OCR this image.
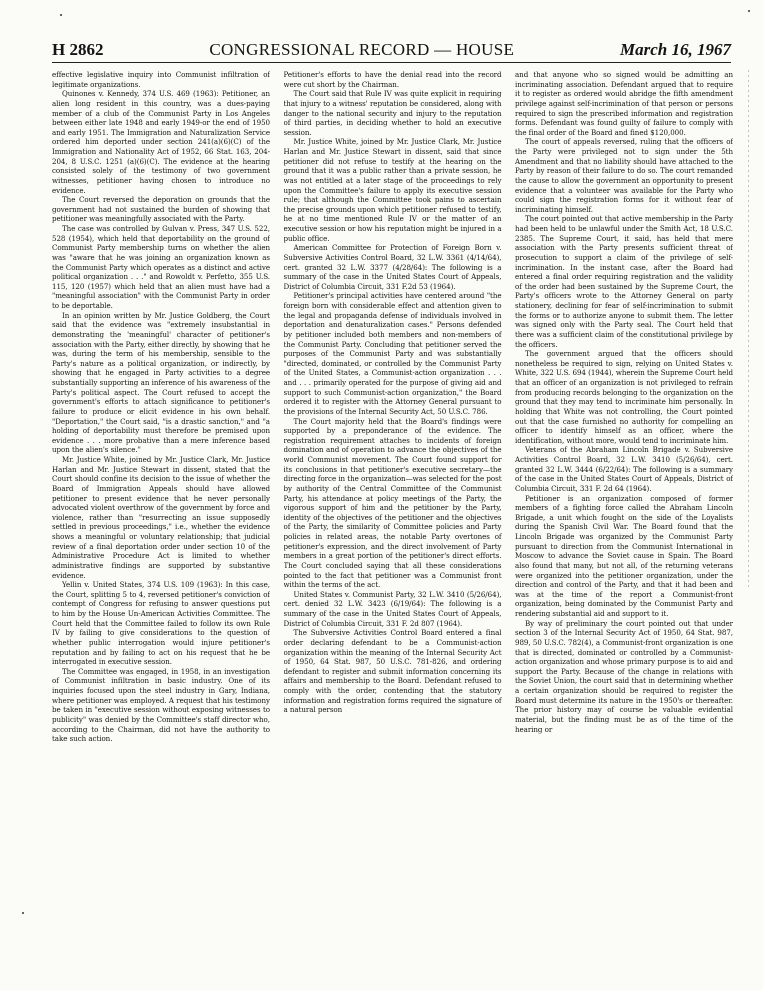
H 2862	CONGRESSIONAL RECORD — HOUSE	March 16, 1967

effective legislative inquiry into Communist infiltration of legitimate organizations.

Quinones v. Kennedy, 374 U.S. 469 (1963): Petitioner, an alien long resident in this country, was a dues-paying member of a club of the Communist Party in Los Angeles between either late 1948 and early 1949-or the end of 1950 and early 1951. The Immigration and Naturalization Service ordered him deported under section 241(a)(6)(C) of the Immigration and Nationality Act of 1952, 66 Stat. 163, 204-204, 8 U.S.C. 1251 (a)(6)(C). The evidence at the hearing consisted solely of the testimony of two government witnesses, petitioner having chosen to introduce no evidence.

The Court reversed the deporation on grounds that the government had not sustained the burden of showing that petitioner was meaningfully associated with the Party.

The case was controlled by Gulvan v. Press, 347 U.S. 522, 528 (1954), which held that deportability on the ground of Communist Party membership turns on whether the alien was "aware that he was joining an organization known as the Communist Party which operates as a distinct and active political organization . . ." and Rowoldt v. Perfetto, 355 U.S. 115, 120 (1957) which held that an alien must have had a "meaningful association" with the Communist Party in order to be deportable.

In an opinion written by Mr. Justice Goldberg, the Court said that the evidence was "extremely insubstantial in demonstrating the 'meaningful' character of petitioner's association with the Party, either directly, by showing that he was, during the term of his membership, sensible to the Party's nature as a political organization, or indirectly, by showing that he engaged in Party activities to a degree substantially supporting an inference of his awareness of the Party's political aspect. The Court refused to accept the government's efforts to attach significance to petitioner's failure to produce or elicit evidence in his own behalf. "Deportation," the Court said, "is a drastic sanction," and "a holding of deportability must therefore be premised upon evidence . . . more probative than a mere inference based upon the alien's silence."

Mr. Justice White, joined by Mr. Justice Clark, Mr. Justice Harlan and Mr. Justice Stewart in dissent, stated that the Court should confine its decision to the issue of whether the Board of Immigration Appeals should have allowed petitioner to present evidence that he never personally advocated violent overthrow of the government by force and violence, rather than "resurrecting an issue supposedly settled in previous proceedings," i.e., whether the evidence shows a meaningful or voluntary relationship; that judicial review of a final deportation order under section 10 of the Administrative Procedure Act is limited to whether administrative findings are supported by substantive evidence.

Yellin v. United States, 374 U.S. 109 (1963): In this case, the Court, splitting 5 to 4, reversed petitioner's conviction of contempt of Congress for refusing to answer questions put to him by the House Un-American Activities Committee. The Court held that the Committee failed to follow its own Rule IV by failing to give considerations to the question of whether public interrogation would injure petitioner's reputation and by failing to act on his request that he be interrogated in executive session.

The Committee was engaged, in 1958, in an investigation of Communist infiltration in basic industry. One of its inquiries focused upon the steel industry in Gary, Indiana, where petitioner was employed. A request that his testimony be taken in "executive session without exposing witnesses to publicity" was denied by the Committee's staff director who, according to the Chairman, did not have the authority to take such action.

Petitioner's efforts to have the denial read into the record were cut short by the Chairman.

The Court said that Rule IV was quite explicit in requiring that injury to a witness' reputation be considered, along with danger to the national security and injury to the reputation of third parties, in deciding whether to hold an executive session.

Mr. Justice White, joined by Mr. Justice Clark, Mr. Justice Harlan and Mr. Justice Stewart in dissent, said that since petitioner did not refuse to testify at the hearing on the ground that it was a public rather than a private session, he was not entitled at a later stage of the proceedings to rely upon the Committee's failure to apply its executive session rule; that although the Committee took pains to ascertain the precise grounds upon which petitioner refused to testify, he at no time mentioned Rule IV or the matter of an executive session or how his reputation might be injured in a public office.

American Committee for Protection of Foreign Born v. Subversive Activities Control Board, 32 L.W. 3361 (4/14/64), cert. granted 32 L.W. 3377 (4/28/64): The following is a summary of the case in the United States Court of Appeals, District of Columbia Circuit, 331 F.2d 53 (1964).

Petitioner's principal activities have centered around "the foreign born with considerable effect and attention given to the legal and propaganda defense of individuals involved in deportation and denaturalization cases." Persons defended by petitioner included both members and non-members of the Communist Party. Concluding that petitioner served the purposes of the Communist Party and was substantially "directed, dominated, or controlled by the Communist Party of the United States, a Communist-action organization . . . and . . . primarily operated for the purpose of giving aid and support to such Communist-action organization," the Board ordered it to register with the Attorney General pursuant to the provisions of the Internal Security Act, 50 U.S.C. 786.

The Court majority held that the Board's findings were supported by a preponderance of the evidence. The registration requirement attaches to incidents of foreign domination and of operation to advance the objectives of the world Communist movement. The Court found support for its conclusions in that petitioner's executive secretary—the directing force in the organization—was selected for the post by authority of the Central Committee of the Communist Party, his attendance at policy meetings of the Party, the vigorous support of him and the petitioner by the Party, identity of the objectives of the petitioner and the objectives of the Party, the similarity of Committee policies and Party policies in related areas, the notable Party overtones of petitioner's expression, and the direct involvement of Party members in a great portion of the petitioner's direct efforts. The Court concluded saying that all these considerations pointed to the fact that petitioner was a Communist front within the terms of the act.

United States v. Communist Party, 32 L.W. 3410 (5/26/64), cert. denied 32 L.W. 3423 (6/19/64): The following is a summary of the case in the United States Court of Appeals, District of Columbia Circuit, 331 F. 2d 807 (1964).

The Subversive Activities Control Board entered a final order declaring defendant to be a Communist-action organization within the meaning of the Internal Security Act of 1950, 64 Stat. 987, 50 U.S.C. 781-826, and ordering defendant to register and submit information concerning its affairs and membership to the Board. Defendant refused to comply with the order, contending that the statutory information and registration forms required the signature of a natural person

and that anyone who so signed would be admitting an incriminating association. Defendant argued that to require it to register as ordered would abridge the fifth amendment privilege against self-incrimination of that person or persons required to sign the prescribed information and registration forms. Defendant was found guilty of failure to comply with the final order of the Board and fined $120,000.

The court of appeals reversed, ruling that the officers of the Party were privileged not to sign under the 5th Amendment and that no liability should have attached to the Party by reason of their failure to do so. The court remanded the cause to allow the government an opportunity to present evidence that a volunteer was available for the Party who could sign the registration forms for it without fear of incriminating himself.

The court pointed out that active membership in the Party had been held to be unlawful under the Smith Act, 18 U.S.C. 2385. The Supreme Court, it said, has held that mere association with the Party presents sufficient threat of prosecution to support a claim of the privilege of self-incrimination. In the instant case, after the Board had entered a final order requiring registration and the validity of the order had been sustained by the Supreme Court, the Party's officers wrote to the Attorney General on party stationery, declining for fear of self-incrimination to submit the forms or to authorize anyone to submit them. The letter was signed only with the Party seal. The Court held that there was a sufficient claim of the constitutional privilege by the officers.

The government argued that the officers should nonetheless be required to sign, relying on United States v. White, 322 U.S. 694 (1944), wherein the Supreme Court held that an officer of an organization is not privileged to refrain from producing records belonging to the organization on the ground that they may tend to incriminate him personally. In holding that White was not controlling, the Court pointed out that the case furnished no authority for compelling an officer to identify himself as an officer, where the identification, without more, would tend to incriminate him.

Veterans of the Abraham Lincoln Brigade v. Subversive Activities Control Board, 32 L.W. 3410 (5/26/64), cert. granted 32 L.W. 3444 (6/22/64): The following is a summary of the case in the United States Court of Appeals, District of Columbia Circuit, 331 F. 2d 64 (1964).

Petitioner is an organization composed of former members of a fighting force called the Abraham Lincoln Brigade, a unit which fought on the side of the Loyalists during the Spanish Civil War. The Board found that the Lincoln Brigade was organized by the Communist Party pursuant to direction from the Communist International in Moscow to advance the Soviet cause in Spain. The Board also found that many, but not all, of the returning veterans were organized into the petitioner organization, under the direction and control of the Party, and that it had been and was at the time of the report a Communist-front organization, being dominated by the Communist Party and rendering substantial aid and support to it.

By way of preliminary the court pointed out that under section 3 of the Internal Security Act of 1950, 64 Stat. 987, 989, 50 U.S.C. 782(4), a Communist-front organization is one that is directed, dominated or controlled by a Communist-action organization and whose primary purpose is to aid and support the Party. Because of the change in relations with the Soviet Union, the court said that in determining whether a certain organization should be required to register the Board must determine its nature in the 1950's or thereafter. The prior history may of course be valuable evidential material, but the finding must be as of the time of the hearing or
